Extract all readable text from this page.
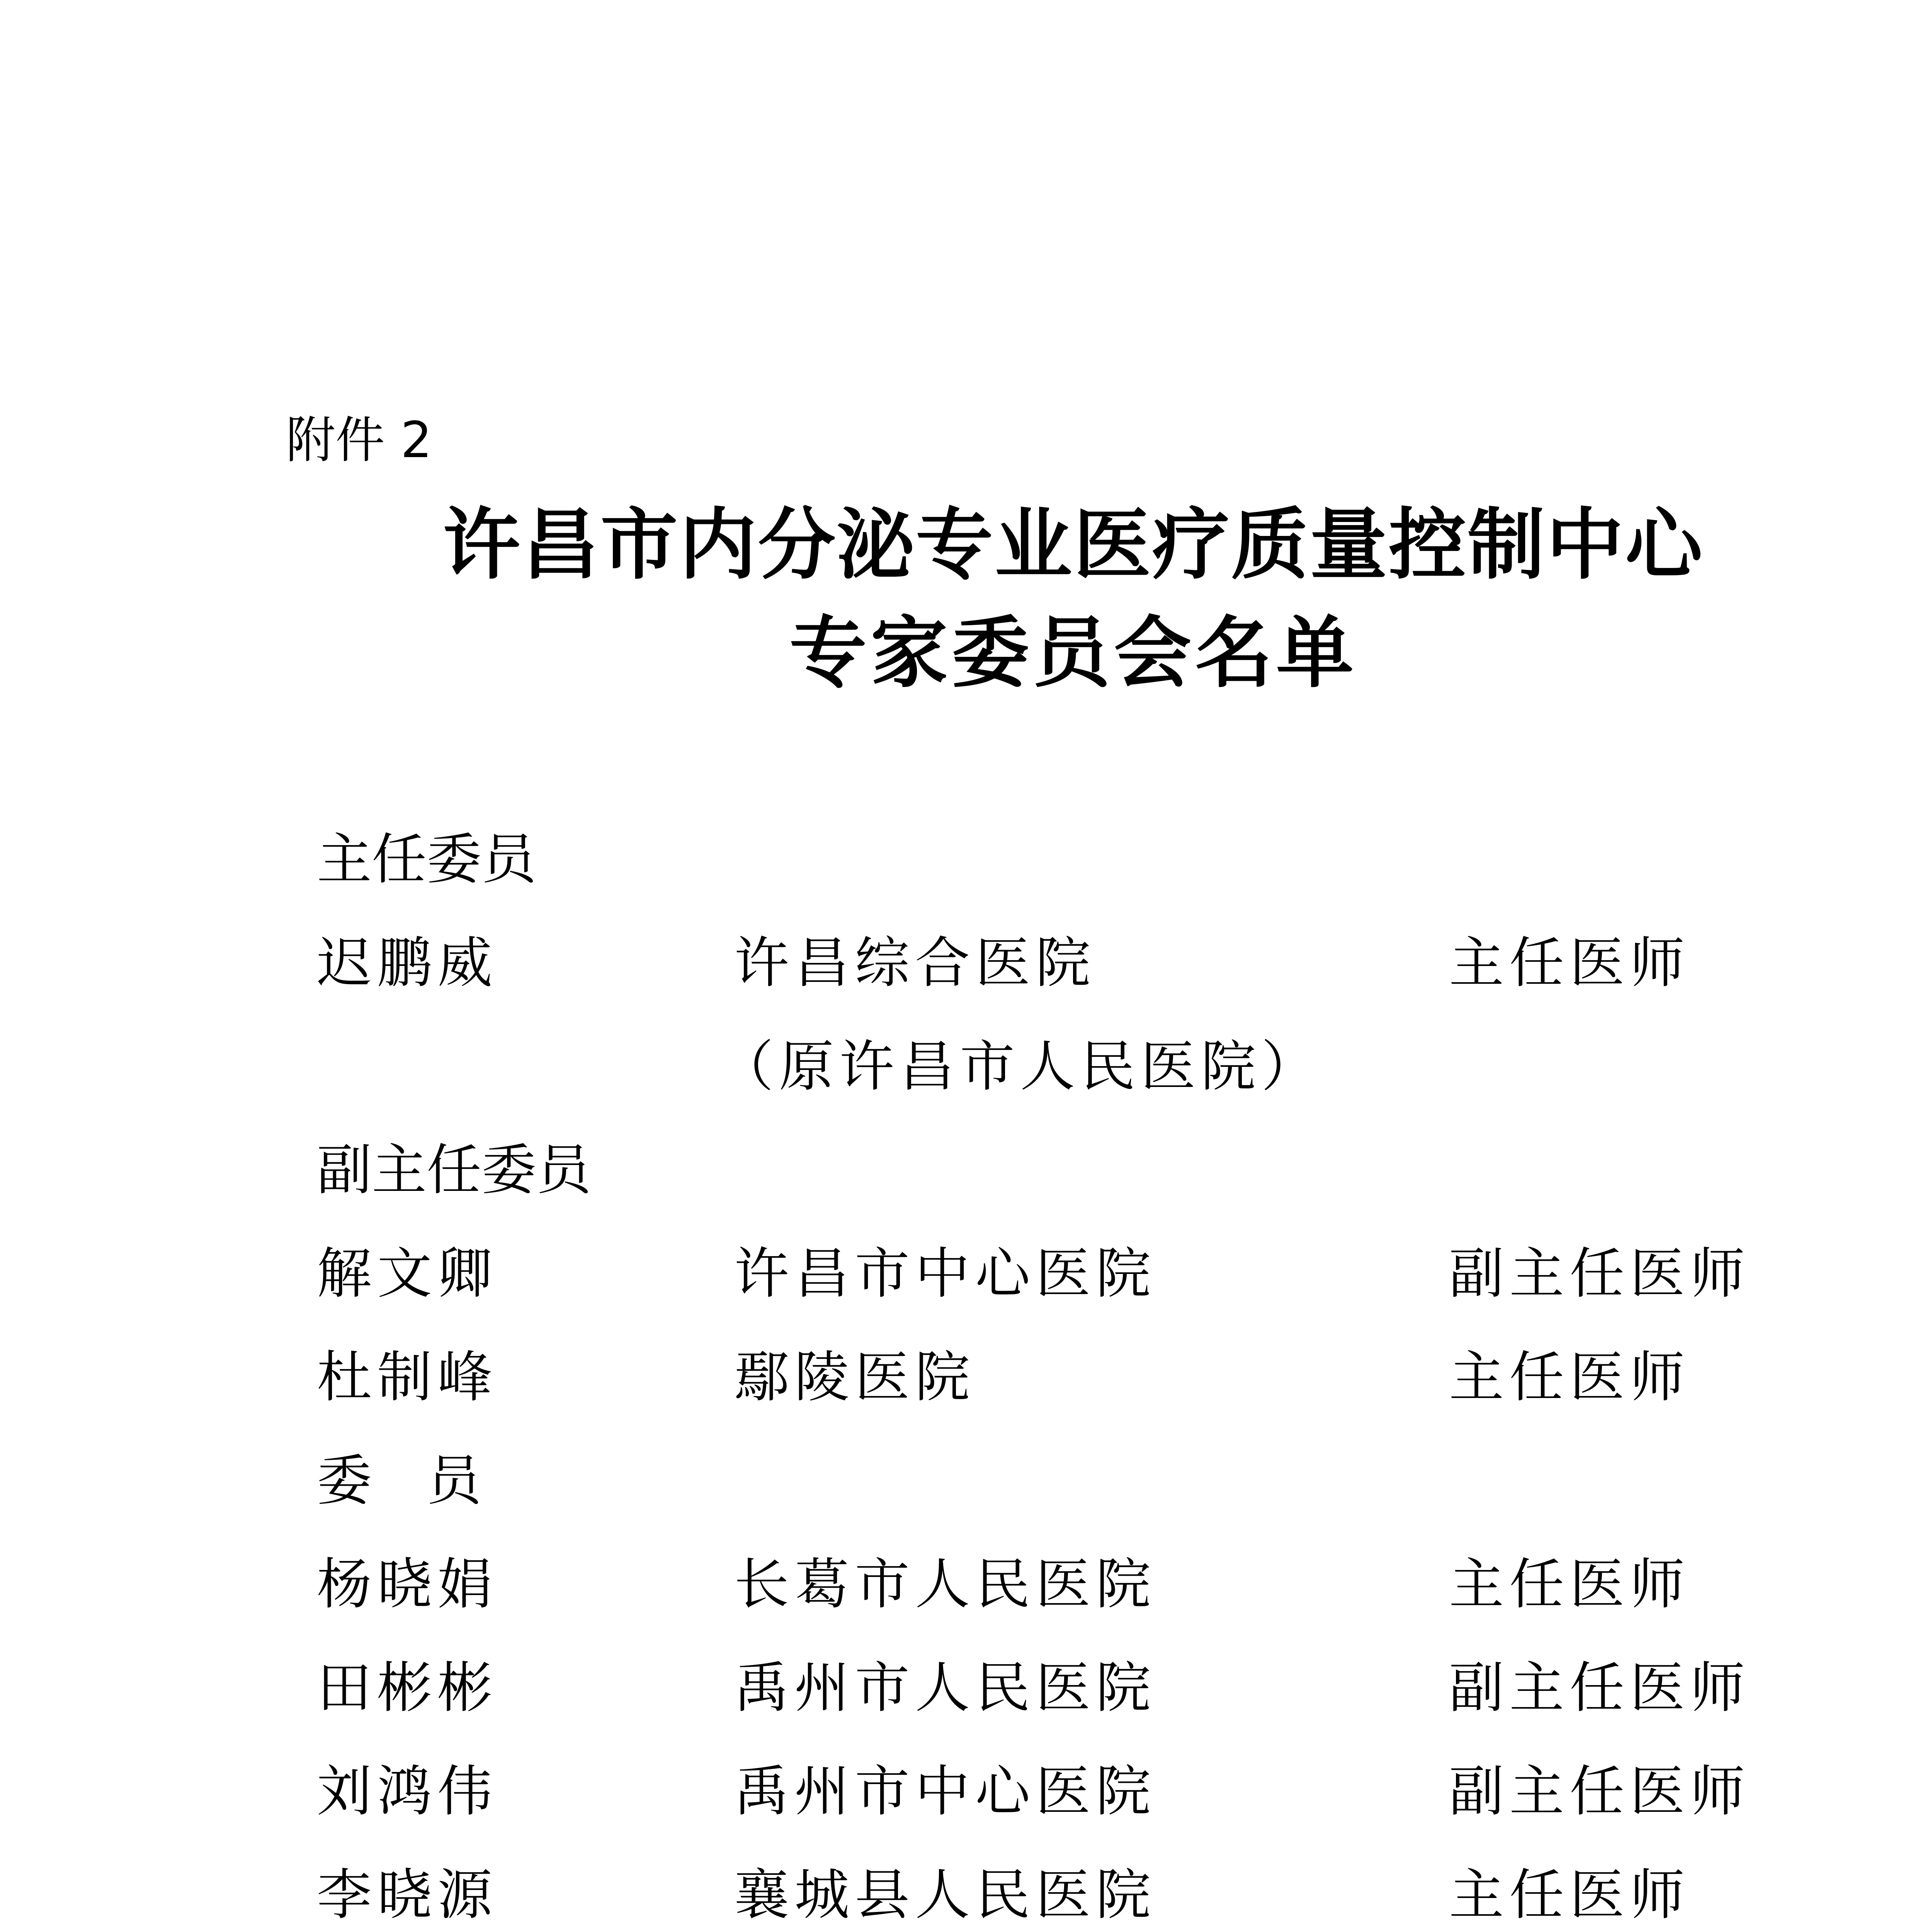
附件 2
许昌市内分泌专业医疗质量控制中心
专家委员会名单
主任委员
迟鹏威	许昌综合医院	主任医师
（原许昌市人民医院）
副主任委员
解文卿	许昌市中心医院	副主任医师
杜制峰	鄢陵医院	主任医师
委　员
杨晓娟	长葛市人民医院	主任医师
田彬彬	禹州市人民医院	副主任医师
刘鸿伟	禹州市中心医院	副主任医师
李晓源	襄城县人民医院	主任医师
